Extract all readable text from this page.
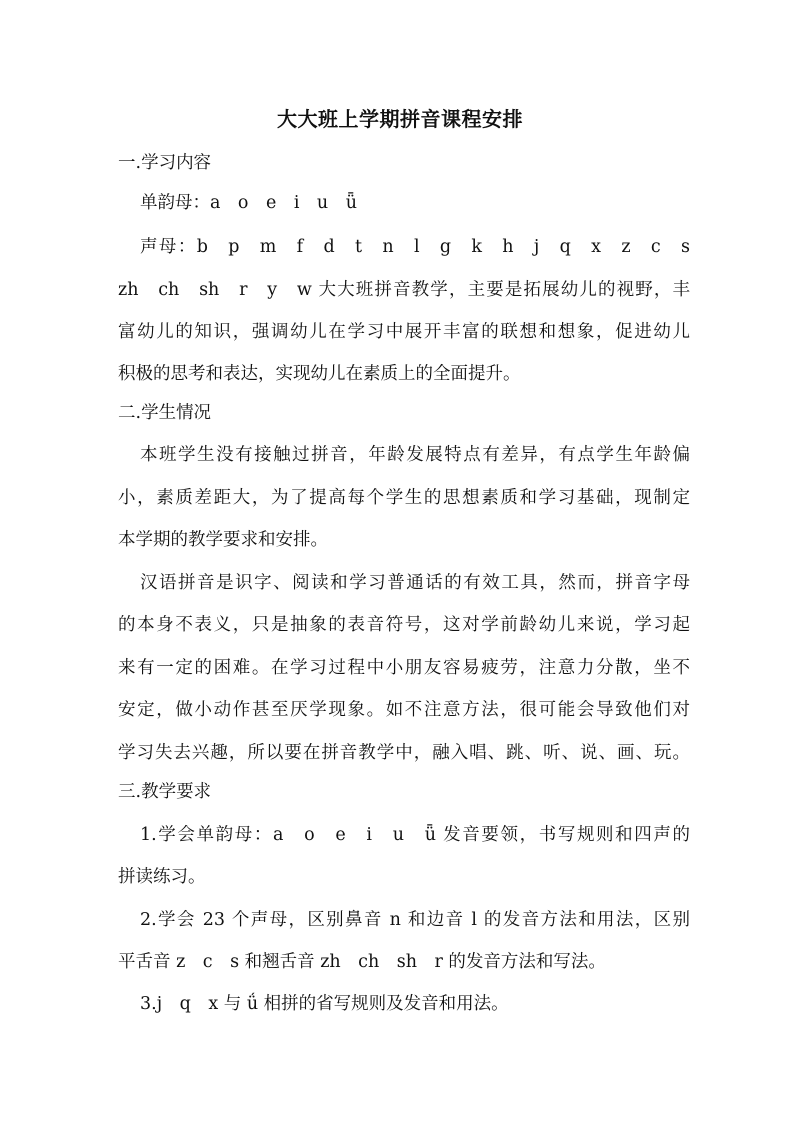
大大班上学期拼音课程安排
一.学习内容
单韵母：a　o　e　i　u　ǖ
声母：b　p　m　f　d　t　n　l　g　k　h　j　q　x　z　c　s
zh　ch　sh　r　y　w 大大班拼音教学，主要是拓展幼儿的视野，丰
富幼儿的知识，强调幼儿在学习中展开丰富的联想和想象，促进幼儿
积极的思考和表达，实现幼儿在素质上的全面提升。
二.学生情况
本班学生没有接触过拼音，年龄发展特点有差异，有点学生年龄偏
小，素质差距大，为了提高每个学生的思想素质和学习基础，现制定
本学期的教学要求和安排。
汉语拼音是识字、阅读和学习普通话的有效工具，然而，拼音字母
的本身不表义，只是抽象的表音符号，这对学前龄幼儿来说，学习起
来有一定的困难。在学习过程中小朋友容易疲劳，注意力分散，坐不
安定，做小动作甚至厌学现象。如不注意方法，很可能会导致他们对
学习失去兴趣，所以要在拼音教学中，融入唱、跳、听、说、画、玩。
三.教学要求
1.学会单韵母：a　o　e　i　u　ǖ 发音要领，书写规则和四声的
拼读练习。
2.学会 23 个声母，区别鼻音 n 和边音 l 的发音方法和用法，区别
平舌音 z　c　s 和翘舌音 zh　ch　sh　r 的发音方法和写法。
3.j　q　x 与 ǘ 相拼的省写规则及发音和用法。
